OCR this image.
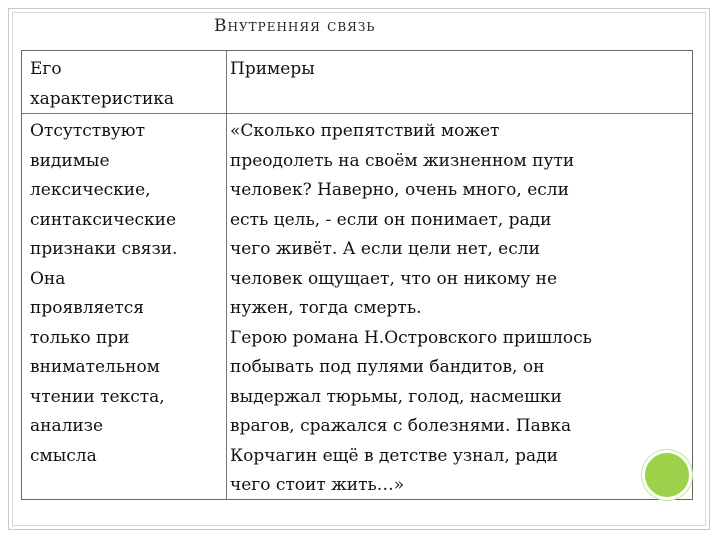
Внутренняя связь
Его
характеристика
Примеры
Отсутствуют
видимые
лексические,
синтаксические
признаки связи.
Она
проявляется
только при
внимательном
чтении текста,
анализе
смысла
«Сколько препятствий может
преодолеть на своём жизненном пути
человек? Наверно, очень много, если
есть цель, - если он понимает, ради
чего живёт. А если цели нет, если
человек ощущает, что он никому не
нужен, тогда смерть.
Герою романа Н.Островского пришлось
побывать под пулями бандитов, он
выдержал тюрьмы, голод, насмешки
врагов, сражался с болезнями. Павка
Корчагин ещё в детстве узнал, ради
чего стоит жить…»
